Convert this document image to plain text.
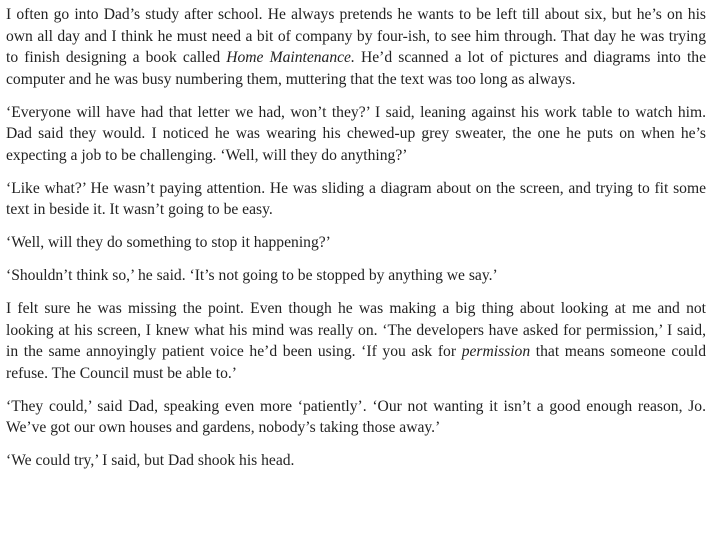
I often go into Dad’s study after school. He always pretends he wants to be left till about six, but he’s on his own all day and I think he must need a bit of company by four-ish, to see him through. That day he was trying to finish designing a book called Home Maintenance. He’d scanned a lot of pictures and diagrams into the computer and he was busy numbering them, muttering that the text was too long as always.

‘Everyone will have had that letter we had, won’t they?’ I said, leaning against his work table to watch him. Dad said they would. I noticed he was wearing his chewed-up grey sweater, the one he puts on when he’s expecting a job to be challenging. ‘Well, will they do anything?’

‘Like what?’ He wasn’t paying attention. He was sliding a diagram about on the screen, and trying to fit some text in beside it. It wasn’t going to be easy.

‘Well, will they do something to stop it happening?’

‘Shouldn’t think so,’ he said. ‘It’s not going to be stopped by anything we say.’

I felt sure he was missing the point. Even though he was making a big thing about looking at me and not looking at his screen, I knew what his mind was really on. ‘The developers have asked for permission,’ I said, in the same annoyingly patient voice he’d been using. ‘If you ask for permission that means someone could refuse. The Council must be able to.’

‘They could,’ said Dad, speaking even more ‘patiently’. ‘Our not wanting it isn’t a good enough reason, Jo. We’ve got our own houses and gardens, nobody’s taking those away.’

‘We could try,’ I said, but Dad shook his head.
